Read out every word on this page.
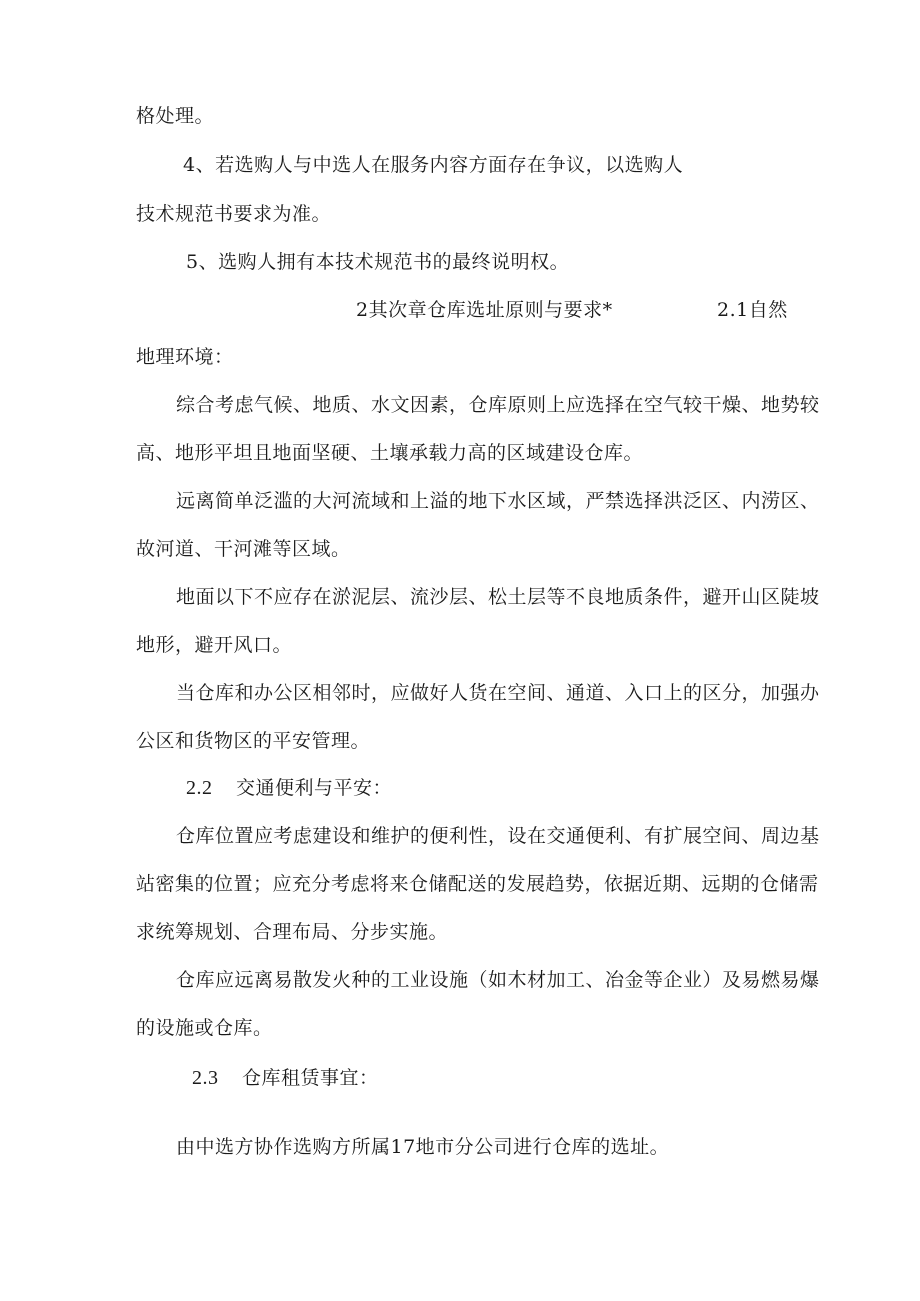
格处理。
4、若选购人与中选人在服务内容方面存在争议，以选购人
技术规范书要求为准。
5、选购人拥有本技术规范书的最终说明权。
2其次章仓库选址原则与要求*	2.1自然
地理环境：
综合考虑气候、地质、水文因素，仓库原则上应选择在空气较干燥、地势较
高、地形平坦且地面坚硬、土壤承载力高的区域建设仓库。
远离简单泛滥的大河流域和上溢的地下水区域，严禁选择洪泛区、内涝区、
故河道、干河滩等区域。
地面以下不应存在淤泥层、流沙层、松土层等不良地质条件，避开山区陡坡
地形，避开风口。
当仓库和办公区相邻时，应做好人货在空间、通道、入口上的区分，加强办
公区和货物区的平安管理。
2.2 交通便利与平安：
仓库位置应考虑建设和维护的便利性，设在交通便利、有扩展空间、周边基
站密集的位置；应充分考虑将来仓储配送的发展趋势，依据近期、远期的仓储需
求统筹规划、合理布局、分步实施。
仓库应远离易散发火种的工业设施（如木材加工、冶金等企业）及易燃易爆
的设施或仓库。
2.3 仓库租赁事宜：
由中选方协作选购方所属17地市分公司进行仓库的选址。
